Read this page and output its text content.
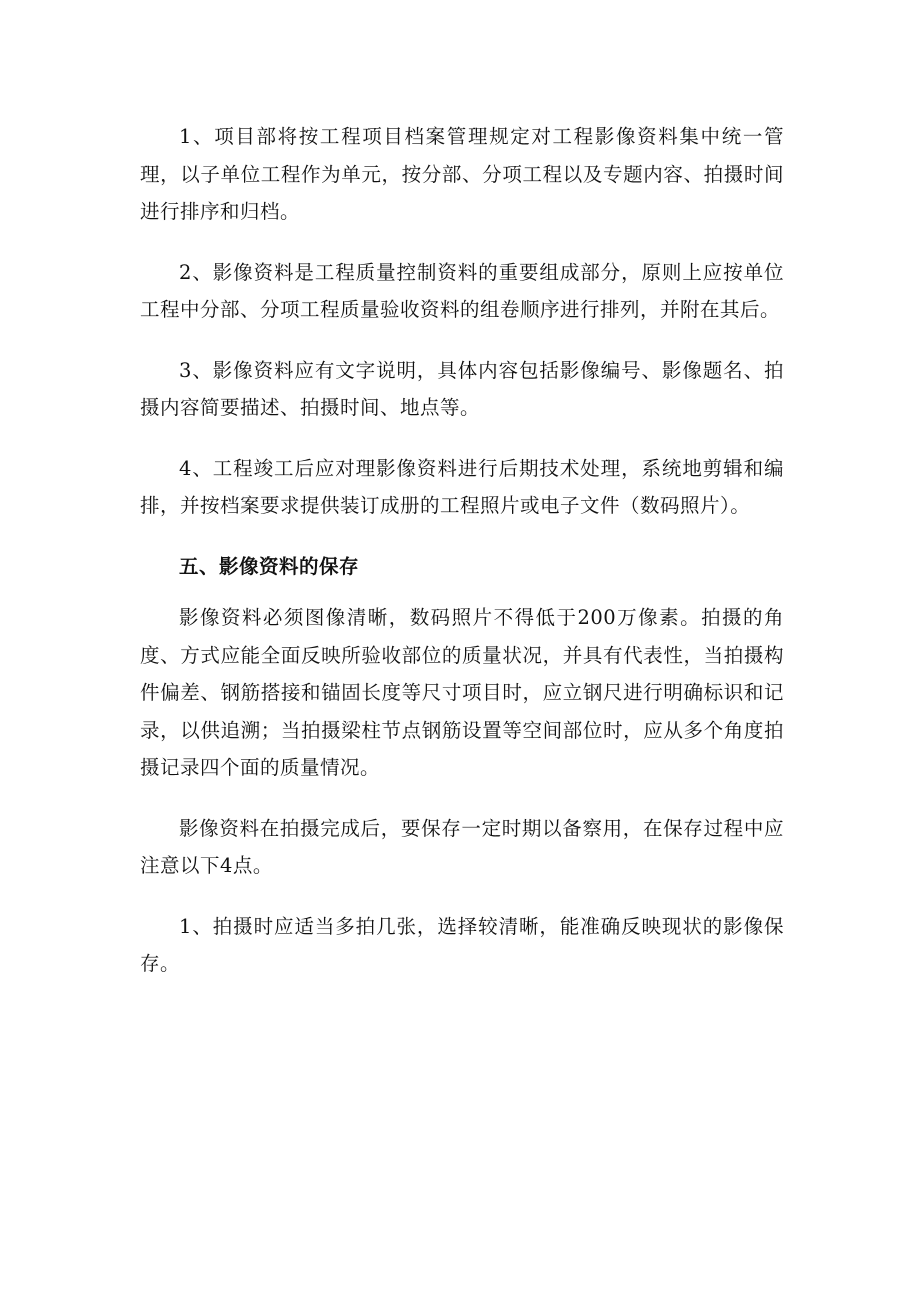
1、项目部将按工程项目档案管理规定对工程影像资料集中统一管理，以子单位工程作为单元，按分部、分项工程以及专题内容、拍摄时间进行排序和归档。

2、影像资料是工程质量控制资料的重要组成部分，原则上应按单位工程中分部、分项工程质量验收资料的组卷顺序进行排列，并附在其后。

3、影像资料应有文字说明，具体内容包括影像编号、影像题名、拍摄内容简要描述、拍摄时间、地点等。

4、工程竣工后应对理影像资料进行后期技术处理，系统地剪辑和编排，并按档案要求提供装订成册的工程照片或电子文件（数码照片）。

五、影像资料的保存

影像资料必须图像清晰，数码照片不得低于200万像素。拍摄的角度、方式应能全面反映所验收部位的质量状况，并具有代表性，当拍摄构件偏差、钢筋搭接和锚固长度等尺寸项目时，应立钢尺进行明确标识和记录，以供追溯；当拍摄梁柱节点钢筋设置等空间部位时，应从多个角度拍摄记录四个面的质量情况。

影像资料在拍摄完成后，要保存一定时期以备察用，在保存过程中应注意以下4点。

1、拍摄时应适当多拍几张，选择较清晰，能准确反映现状的影像保存。
